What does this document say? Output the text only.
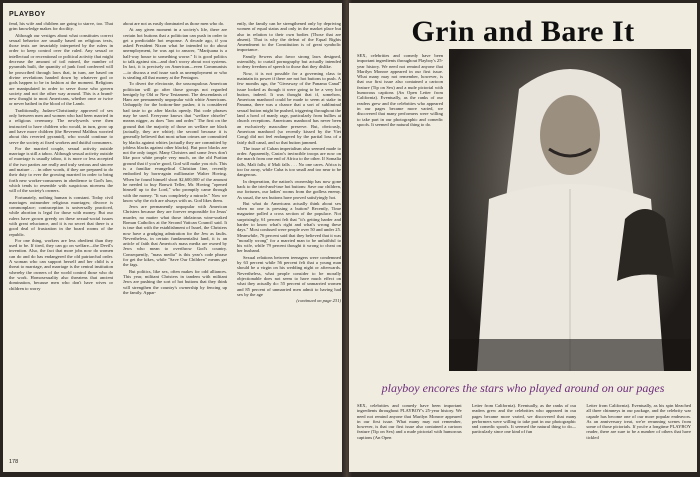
PLAYBOY

fend, his wife and children are going to starve, too. That grim knowledge makes for docility.

Although our vestiges about what constitutes correct sexual behavior are usually based on religious texts, those texts are invariably interpreted by the rulers in order to keep control over the ruled. Any sexual or intellectual or recreational or political activity that might decrease the amount of toil mined, the number of pyramids built, the quantity of junk food conferred will be proscribed through laws that, in turn, are based on divine revelations handed down by whatever god or gods happen to be in fashion at the moment. Religions are manipulated in order to serve those who govern society and not the other way around. This is a brand-new thought to most Americans, whether once or twice or never bathed in the blood of the Lamb.

Traditionally, Judaeo-Christianity approved of sex only between men and women who had been married in a religious ceremony. The newlyweds were then instructed to have children who would, in turn, grow up and have more children (the Reverend Malthus worried about this reverted pyramid), who would continue to serve the society at fixed workers and dutiful consumers.

For the married couple, sexual activity outside marriage is still a taboo. Although sexual activity outside of marriage is usually taboo, it is more or less accepted if the two parties are really and truly serious and sincere and mature . . . in other words, if they are prepared to do their duty to ever the growing married in order to bring forth new worker-consumers in obedience to God's law, which tends to resemble with suspicious niceness the will of the society's owners.

Fortunately, nothing human is constant. Today civil marriages outnumber religious marriages; divorce is commonplace; contraception is universally practiced, while abortion is legal for those with money. But our rulers have grown greedy on these sexual-social issues with great reluctance, and it is no secret that there is a good deal of frustration in the board rooms of the republic.

For one thing, workers are less obedient than they used to be. If tired, they can go on welfare—the Devil's invention. Also, the fact that more jobs now do women can do and do has endangered the old patriarchal order. A woman who can support herself and her child is a threat to marriage, and marriage is the central institution whereby the owners of the world control those who do the work. Homosexuality also threatens that ancient domination, because men who don't have wives or children to worry

about are not as easily dominated as those men who do.

At any given moment in a society's life, there are certain hot buttons that a politician can push in order to get a predictable hot response. A decade ago, if you asked President Nixon what he intended to do about unemployment, he was apt to answer, "Marijuana is a half-way house to something worse." It is good politics to talk against sin—and don't worry about root systems. In fact, it is precisely on American—even Communists—to discuss a real issue such as unemployment or who is stealing all that money at the Pentagon.

To divert the electorate, the unscrupulous American politician will go after those groups not regarded benignly by Old or New Testament. The descendants of Ham are permanently unpopular with white Americans. Unhappily for the bottom-line pusher, it is considered bad taste to go after blacks openly. But code phrases may be used. Everyone knows that "welfare chiseler" means nigger, as does "law and order." The first on the ground that the majority of those on welfare are black (actually, they are white); the second because it is generally believed that most urban crimes are committed by blacks against whites (actually they are committed by jobless blacks against other blacks). But poor blacks are not the only target. Many Christers and some Jews don't like poor white people very much, on the old Puritan ground that if you're good, God will make you rich. This is a familiar evangelical Christian line, recently embodied by born-again millionaire Walter Hoving. When he found himself short $2,600,000 of the amount he needed to buy Bonwit Teller, Mr. Hoving "opened himself up to the Lord," who promptly came through with the money. "It was completely a miracle." Now we know why the rich are always with us. God likes them.

Jews are permanently unpopular with American Christers because they are forever responsible for Jesus' murder, no matter what those idolatrous wine-soaked Roman Catholics at the Second Vatican Council said. It is true that with the establishment of Israel, the Christers now have a grudging admiration for the Jew as faults. Nevertheless, in certain fundamentalist land, it is an article of faith that America's mass media are owned by Jews who mean to overthrow God's country. Consequently, "mass media" is this year's code phrase for get the kikes, while "Save Our Children" means get the fags.

But politics, like sex, often makes for odd alliances. This year, militant Christers in tandem with militant Jews are pushing the sort of hot buttons that they think will strengthen the country's ownership by fencing up the family. Appar-

ently, the family can be strengthened only by depriving women of equal status and only in the market place but also in relation to their own bodies (Those that are absent). That is why the defeat of the Equal Rights Amendment to the Constitution is of great symbolic importance.

Family Sewers also favor strong laws designed, ostensibly, to curtail pornography but actually intended to deny freedom of speech to those that they dislike.

Now, it is not possible for a governing class to maintain its power if there are not hot buttons to push. A few months ago, the "Giveaway of the Panama Canal" issue looked as though it were going to be a very hot button, indeed. It was thought that if, somehow, American manhood could be made to seem at stake in Panama, there was a chance that a sort of subliminal sexual button might be pushed, triggering throughout the land a howl of manly rage, particularly from bullies at church receptions. Americans manhood has never been an exclusively masculine preserve. But, obviously, American manhood (so recently kissed by the Viet Cong) did not feel endangered by the partial loss of a fairly dull canal, and so that button jammed.

The issue of Cuban imperialism also seemed made to order. Apparently, Castro's invincible troops are now on the march from one end of Africa to the other. If Somalia falls, Mali falls; if Mali falls . . . No one cares. Africa is too far away, while Cuba is too small and too near to be dangerous.

In desperation, the nation's ownership has now gone back to the tried-and-true hot buttons: Save our children, our fortunes, our ladies' rooms from the godless enemy. As usual, the sex buttons have proved satisfyingly hot.

But what do Americans actually think about sex when no one is pressing a button? Recently, Time magazine polled a cross section of the populace. Not surprisingly, 61 percent felt that "it's getting harder and harder to know what's right and what's wrong these days." Most confused were people over 50 and under 25. Meanwhile, 76 percent said that they believed that it was "morally wrong" for a married man to be unfaithful to his wife, while 79 percent thought it wrong to cheat on her husband.

Sexual relations between teenagers were condemned by 63 percent while 56 percent felt that a young man should be a virgin on his wedding night or afterwards. Nevertheless, what people consider to be morally objectionable does not seem to have much effect on what they actually do: 55 percent of unmarried women and 85 percent of unmarried men admit to having had sex by the age

(continued on page 231)

178
Grin and Bare It

SEX, celebrities and comedy have been important ingredients throughout Playboy's 25-year history. We need not remind anyone that Marilyn Monroe appeared in our first issue. What many may not remember, however, is that our first issue also contained a cartoon feature (Tip on Sex) and a nude pictorial with humorous captions (An Open Letter from California). Eventually, as the ranks of our readers grew and the celebrities who appeared in our pages became more varied, we discovered that many performers were willing to take part in our photographic and comedic spoofs. It seemed the natural thing to do.

playboy encores the stars who played around on our pages
SEX, celebrities and comedy have been important ingredients throughout PLAYBOY's 25-year history. We need not remind anyone that Marilyn Monroe appeared in our first issue. What many may not remember, however, is that our first issue also contained a cartoon feature (Tip on Sex) and a nude pictorial with humorous captions (An Open
Letter from California). Eventually, as the ranks of our readers grew and the celebrities who appeared in our pages became more varied, we discovered that many performers were willing to take part in our photographic and comedic spoofs. It seemed the natural thing to do—particularly since one kind of fun
Letter from California). Eventually, as his spin bleached all three chimneys in our package, and the celebrity war capade has become one of our more popular endeavors. As an anniversary treat, we're rerunning scenes from some of those pictorials. If you're a longtime PLAYBOY reader, there are sure to be a number of others that have tickled
